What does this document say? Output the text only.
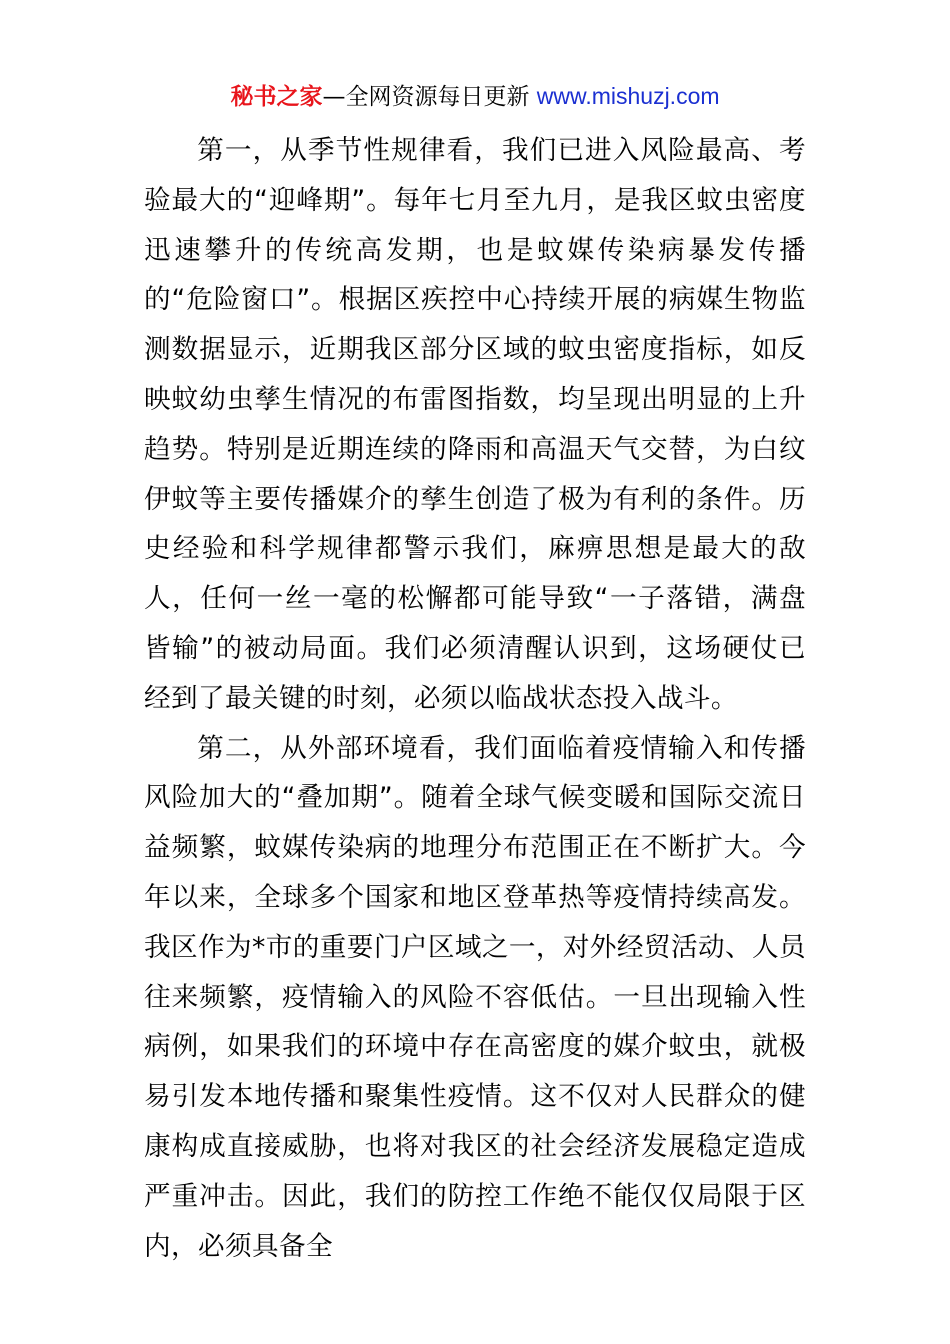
秘书之家—全网资源每日更新 www.mishuzj.com

第一，从季节性规律看，我们已进入风险最高、考验最大的“迎峰期”。每年七月至九月，是我区蚊虫密度迅速攀升的传统高发期，也是蚊媒传染病暴发传播的“危险窗口”。根据区疾控中心持续开展的病媒生物监测数据显示，近期我区部分区域的蚊虫密度指标，如反映蚊幼虫孳生情况的布雷图指数，均呈现出明显的上升趋势。特别是近期连续的降雨和高温天气交替，为白纹伊蚊等主要传播媒介的孳生创造了极为有利的条件。历史经验和科学规律都警示我们，麻痹思想是最大的敌人，任何一丝一毫的松懈都可能导致“一子落错，满盘皆输”的被动局面。我们必须清醒认识到，这场硬仗已经到了最关键的时刻，必须以临战状态投入战斗。

第二，从外部环境看，我们面临着疫情输入和传播风险加大的“叠加期”。随着全球气候变暖和国际交流日益频繁，蚊媒传染病的地理分布范围正在不断扩大。今年以来，全球多个国家和地区登革热等疫情持续高发。我区作为*市的重要门户区域之一，对外经贸活动、人员往来频繁，疫情输入的风险不容低估。一旦出现输入性病例，如果我们的环境中存在高密度的媒介蚊虫，就极易引发本地传播和聚集性疫情。这不仅对人民群众的健康构成直接威胁，也将对我区的社会经济发展稳定造成严重冲击。因此，我们的防控工作绝不能仅仅局限于区内，必须具备全
